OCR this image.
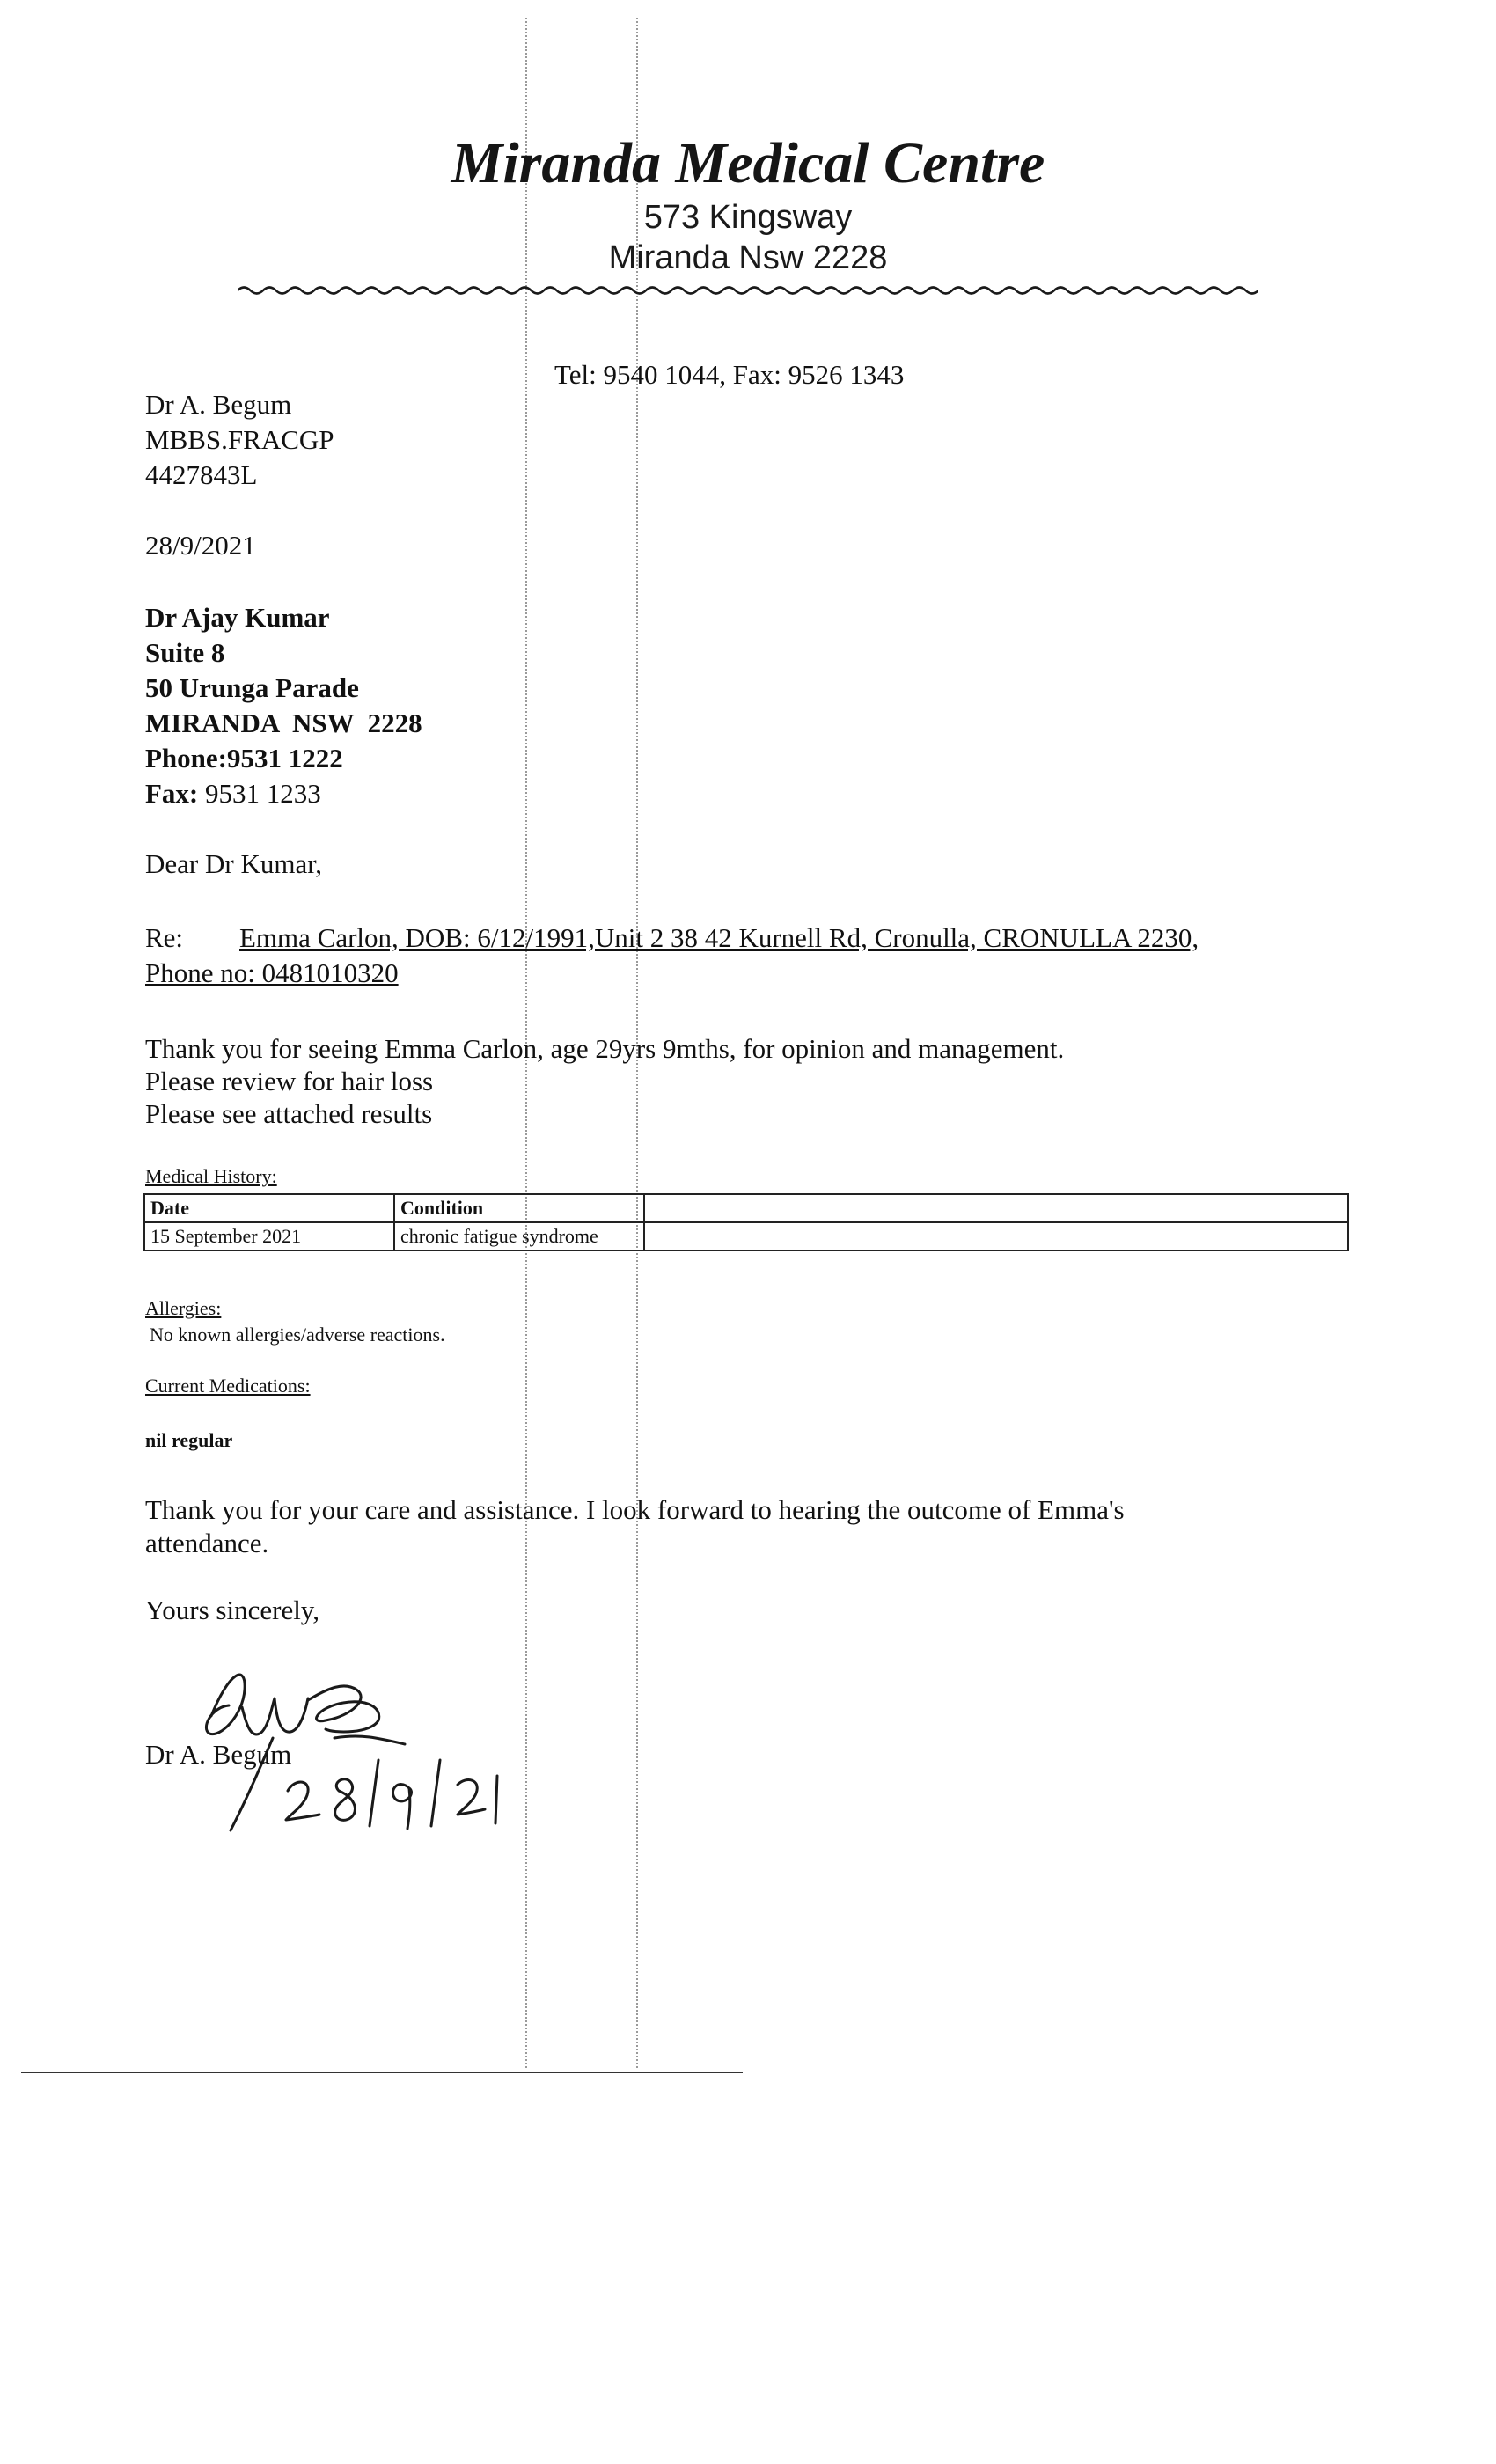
Miranda Medical Centre
573 Kingsway
Miranda Nsw 2228
Tel: 9540 1044, Fax: 9526 1343
Dr A. Begum
MBBS.FRACGP
4427843L
28/9/2021
Dr Ajay Kumar
Suite 8
50 Urunga Parade
MIRANDA  NSW  2228
Phone:9531 1222
Fax: 9531 1233
Dear Dr Kumar,
Re: Emma Carlon, DOB: 6/12/1991,Unit 2 38 42 Kurnell Rd, Cronulla, CRONULLA 2230,
Phone no: 0481010320
Thank you for seeing Emma Carlon, age 29yrs 9mths, for opinion and management.
Please review for hair loss
Please see attached results
Medical History:
Date	Condition	
15 September 2021	chronic fatigue syndrome	
Allergies:
No known allergies/adverse reactions.
Current Medications:
nil regular
Thank you for your care and assistance. I look forward to hearing the outcome of Emma's
attendance.
Yours sincerely,
Dr A. Begum
